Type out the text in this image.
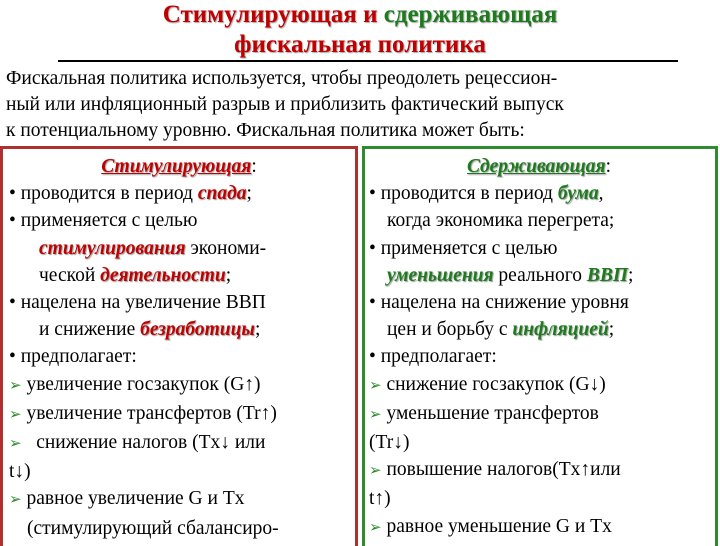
Стимулирующая и сдерживающая
фискальная политика
Фискальная политика используется, чтобы преодолеть рецессион-
ный или инфляционный разрыв и приблизить фактический выпуск
к потенциальному уровню. Фискальная политика может быть:
Стимулирующая:
• проводится в период спада;
• применяется с целью
стимулирования экономи-
ческой деятельности;
• нацелена на увеличение ВВП
и снижение безработицы;
• предполагает:
➢ увеличение госзакупок (G↑)
➢ увеличение трансфертов (Tr↑)
➢ снижение налогов (Tx↓ или
t↓)
➢ равное увеличение G и Tx
(стимулирующий сбалансиро-
Сдерживающая:
• проводится в период бума,
когда экономика перегрета;
• применяется с целью
уменьшения реального ВВП;
• нацелена на снижение уровня
цен и борьбу с инфляцией;
• предполагает:
➢ снижение госзакупок (G↓)
➢ уменьшение трансфертов
(Tr↓)
➢ повышение налогов(Tx↑или
t↑)
➢ равное уменьшение G и Tx
